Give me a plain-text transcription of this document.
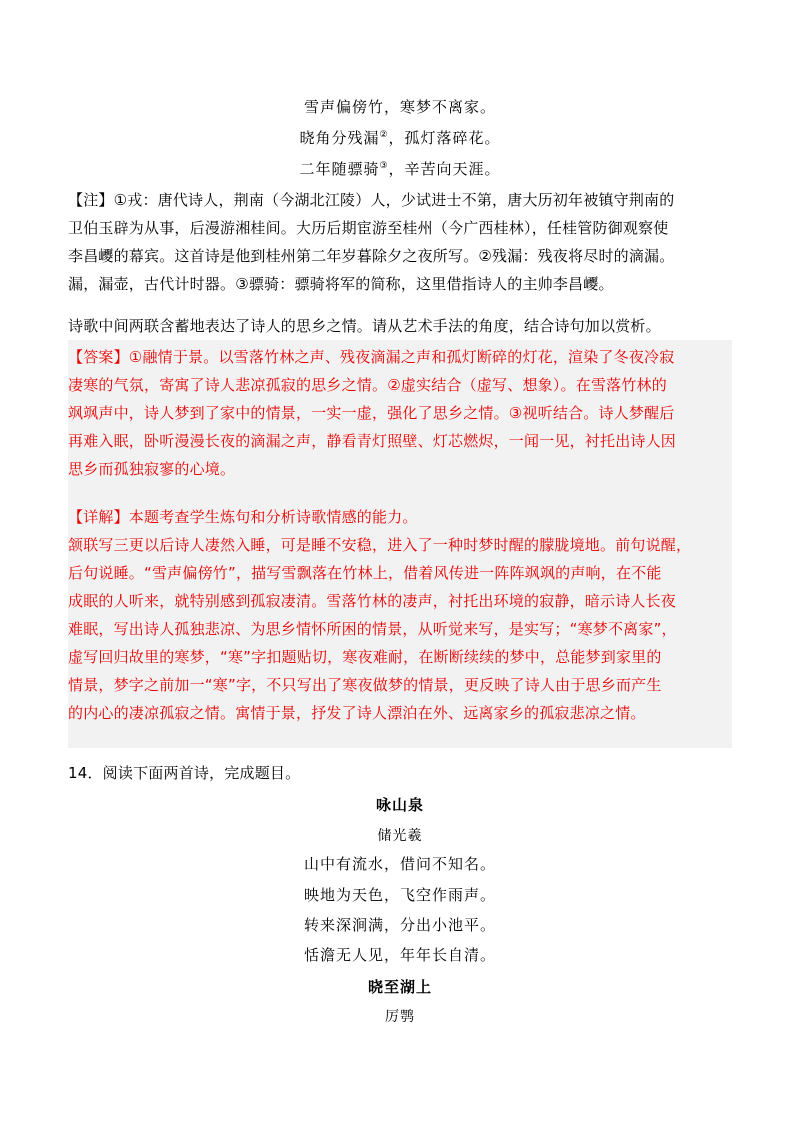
雪声偏傍竹，寒梦不离家。
晓角分残漏②，孤灯落碎花。
二年随骠骑③，辛苦向天涯。
【注】①戎：唐代诗人，荆南（今湖北江陵）人，少试进士不第，唐大历初年被镇守荆南的
卫伯玉辟为从事，后漫游湘桂间。大历后期宦游至桂州（今广西桂林），任桂管防御观察使
李昌巎的幕宾。这首诗是他到桂州第二年岁暮除夕之夜所写。②残漏：残夜将尽时的滴漏。
漏，漏壶，古代计时器。③骠骑：骠骑将军的简称，这里借指诗人的主帅李昌巎。
诗歌中间两联含蓄地表达了诗人的思乡之情。请从艺术手法的角度，结合诗句加以赏析。
【答案】①融情于景。以雪落竹林之声、残夜滴漏之声和孤灯断碎的灯花，渲染了冬夜冷寂
凄寒的气氛，寄寓了诗人悲凉孤寂的思乡之情。②虚实结合（虚写、想象）。在雪落竹林的
飒飒声中，诗人梦到了家中的情景，一实一虚，强化了思乡之情。③视听结合。诗人梦醒后
再难入眠，卧听漫漫长夜的滴漏之声，静看青灯照壁、灯芯燃烬，一闻一见，衬托出诗人因
思乡而孤独寂寥的心境。
【详解】本题考查学生炼句和分析诗歌情感的能力。
颔联写三更以后诗人凄然入睡，可是睡不安稳，进入了一种时梦时醒的朦胧境地。前句说醒，
后句说睡。“雪声偏傍竹”，描写雪飘落在竹林上，借着风传进一阵阵飒飒的声响，在不能
成眠的人听来，就特别感到孤寂凄清。雪落竹林的凄声，衬托出环境的寂静，暗示诗人长夜
难眠，写出诗人孤独悲凉、为思乡情怀所困的情景，从听觉来写，是实写；“寒梦不离家”，
虚写回归故里的寒梦，“寒”字扣题贴切，寒夜难耐，在断断续续的梦中，总能梦到家里的
情景，梦字之前加一“寒”字，不只写出了寒夜做梦的情景，更反映了诗人由于思乡而产生
的内心的凄凉孤寂之情。寓情于景，抒发了诗人漂泊在外、远离家乡的孤寂悲凉之情。
14．阅读下面两首诗，完成题目。
咏山泉
储光羲
山中有流水，借问不知名。
映地为天色，飞空作雨声。
转来深涧满，分出小池平。
恬澹无人见，年年长自清。
晓至湖上
厉鹗
